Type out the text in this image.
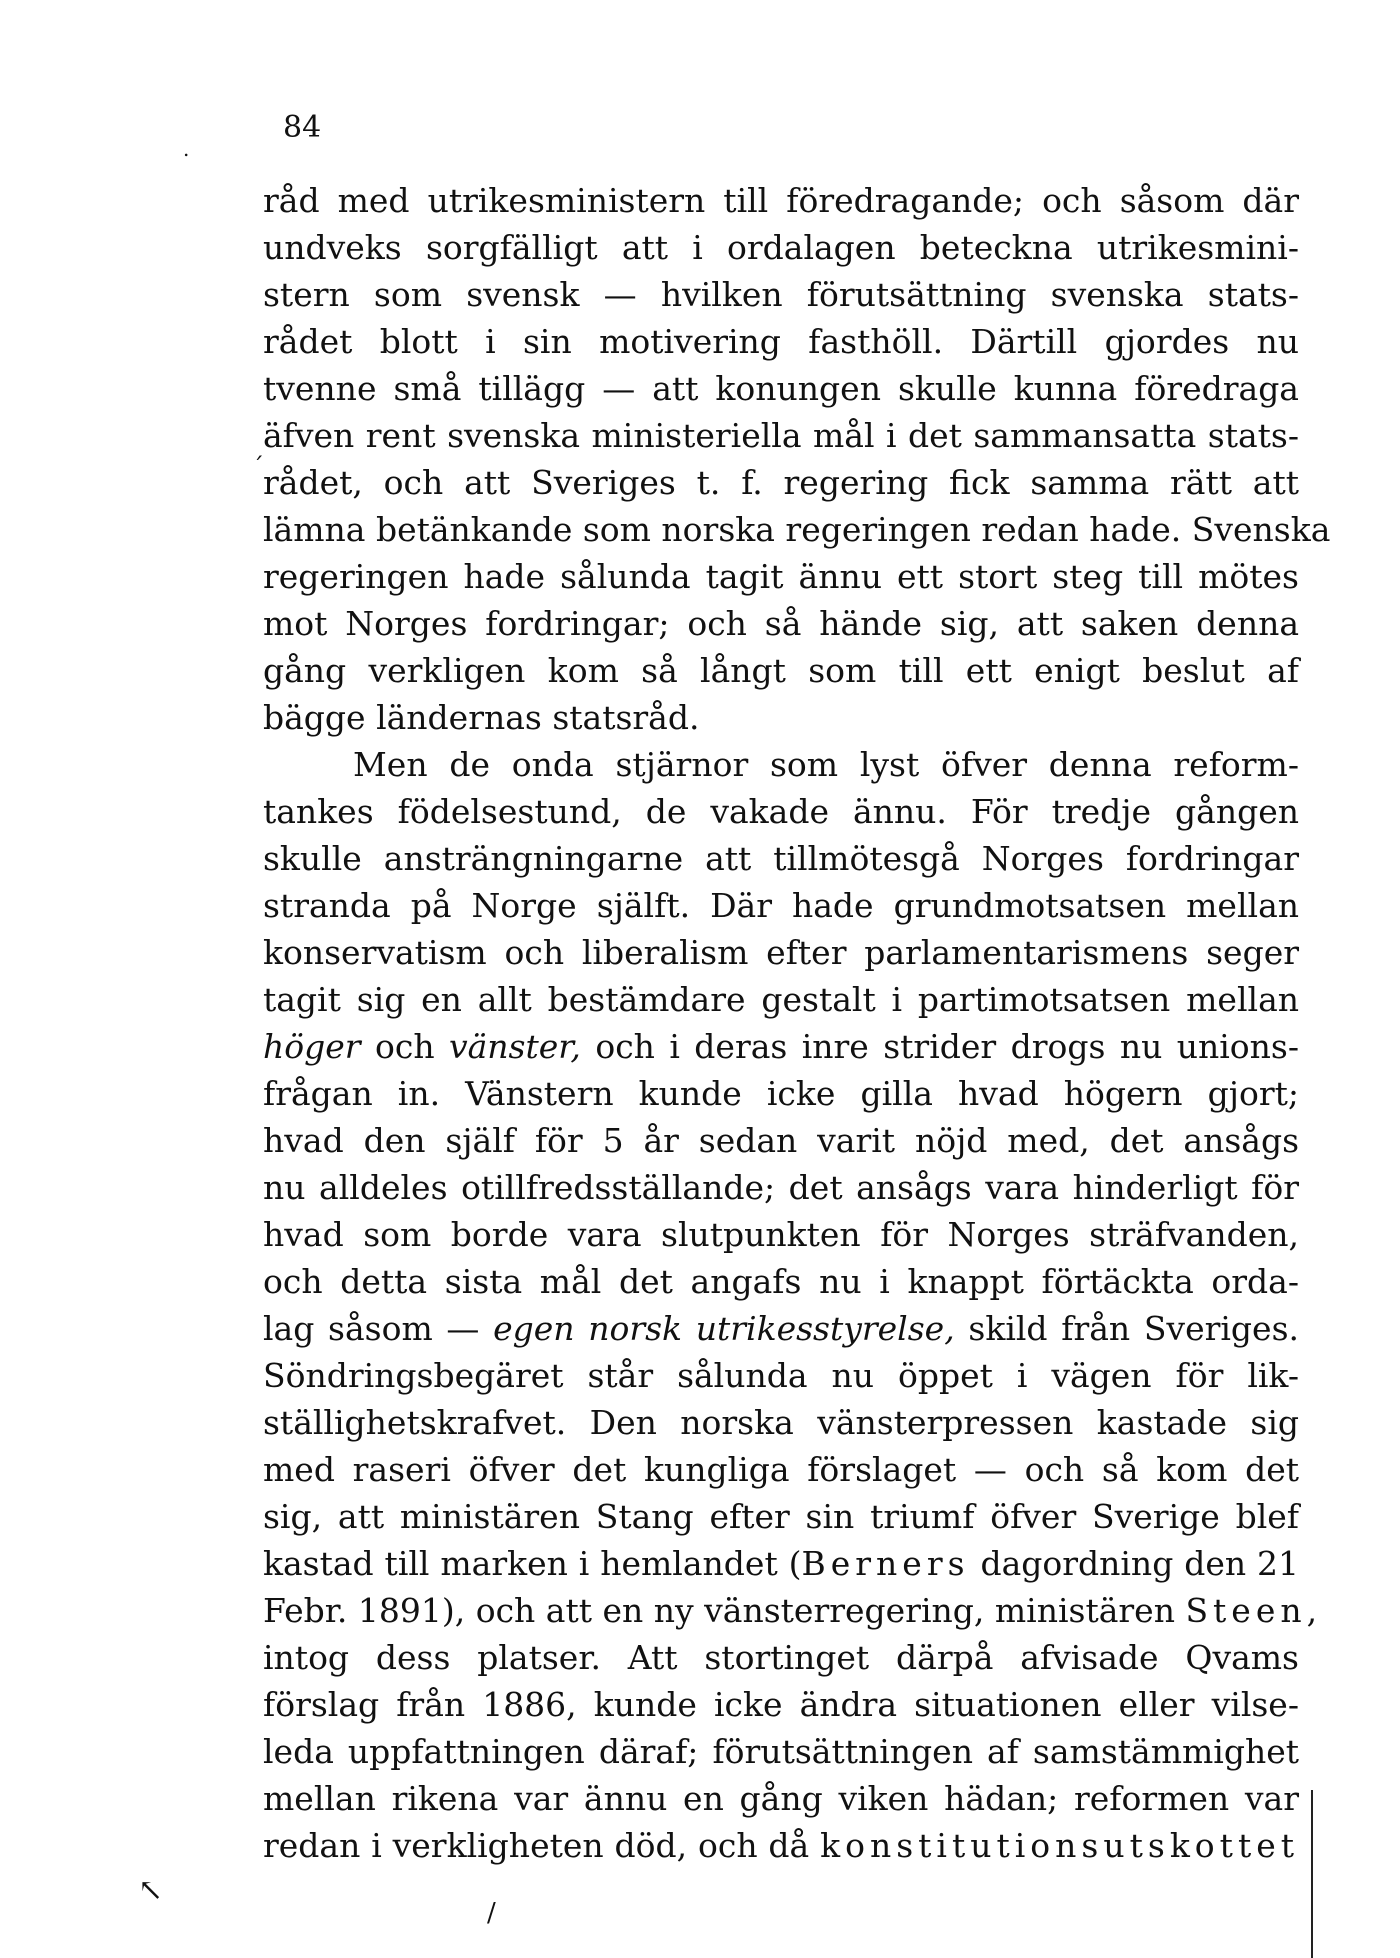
84
råd med utrikesministern till föredragande; och såsom där
undveks sorgfälligt att i ordalagen beteckna utrikesmini-
stern som svensk — hvilken förutsättning svenska stats-
rådet blott i sin motivering fasthöll. Därtill gjordes nu
tvenne små tillägg — att konungen skulle kunna föredraga
äfven rent svenska ministeriella mål i det sammansatta stats-
rådet, och att Sveriges t. f. regering fick samma rätt att
lämna betänkande som norska regeringen redan hade. Svenska
regeringen hade sålunda tagit ännu ett stort steg till mötes
mot Norges fordringar; och så hände sig, att saken denna
gång verkligen kom så långt som till ett enigt beslut af
bägge ländernas statsråd.
Men de onda stjärnor som lyst öfver denna reform-
tankes födelsestund, de vakade ännu. För tredje gången
skulle ansträngningarne att tillmötesgå Norges fordringar
stranda på Norge själft. Där hade grundmotsatsen mellan
konservatism och liberalism efter parlamentarismens seger
tagit sig en allt bestämdare gestalt i partimotsatsen mellan
höger och vänster, och i deras inre strider drogs nu unions-
frågan in. Vänstern kunde icke gilla hvad högern gjort;
hvad den själf för 5 år sedan varit nöjd med, det ansågs
nu alldeles otillfredsställande; det ansågs vara hinderligt för
hvad som borde vara slutpunkten för Norges sträfvanden,
och detta sista mål det angafs nu i knappt förtäckta orda-
lag såsom — egen norsk utrikesstyrelse, skild från Sveriges.
Söndringsbegäret står sålunda nu öppet i vägen för lik-
ställighetskrafvet. Den norska vänsterpressen kastade sig
med raseri öfver det kungliga förslaget — och så kom det
sig, att ministären Stang efter sin triumf öfver Sverige blef
kastad till marken i hemlandet (Berners dagordning den 21
Febr. 1891), och att en ny vänsterregering, ministären Steen,
intog dess platser. Att stortinget därpå afvisade Qvams
förslag från 1886, kunde icke ändra situationen eller vilse-
leda uppfattningen däraf; förutsättningen af samstämmighet
mellan rikena var ännu en gång viken hädan; reformen var
redan i verkligheten död, och då konstitutionsutskottet
´
↖
/
.
